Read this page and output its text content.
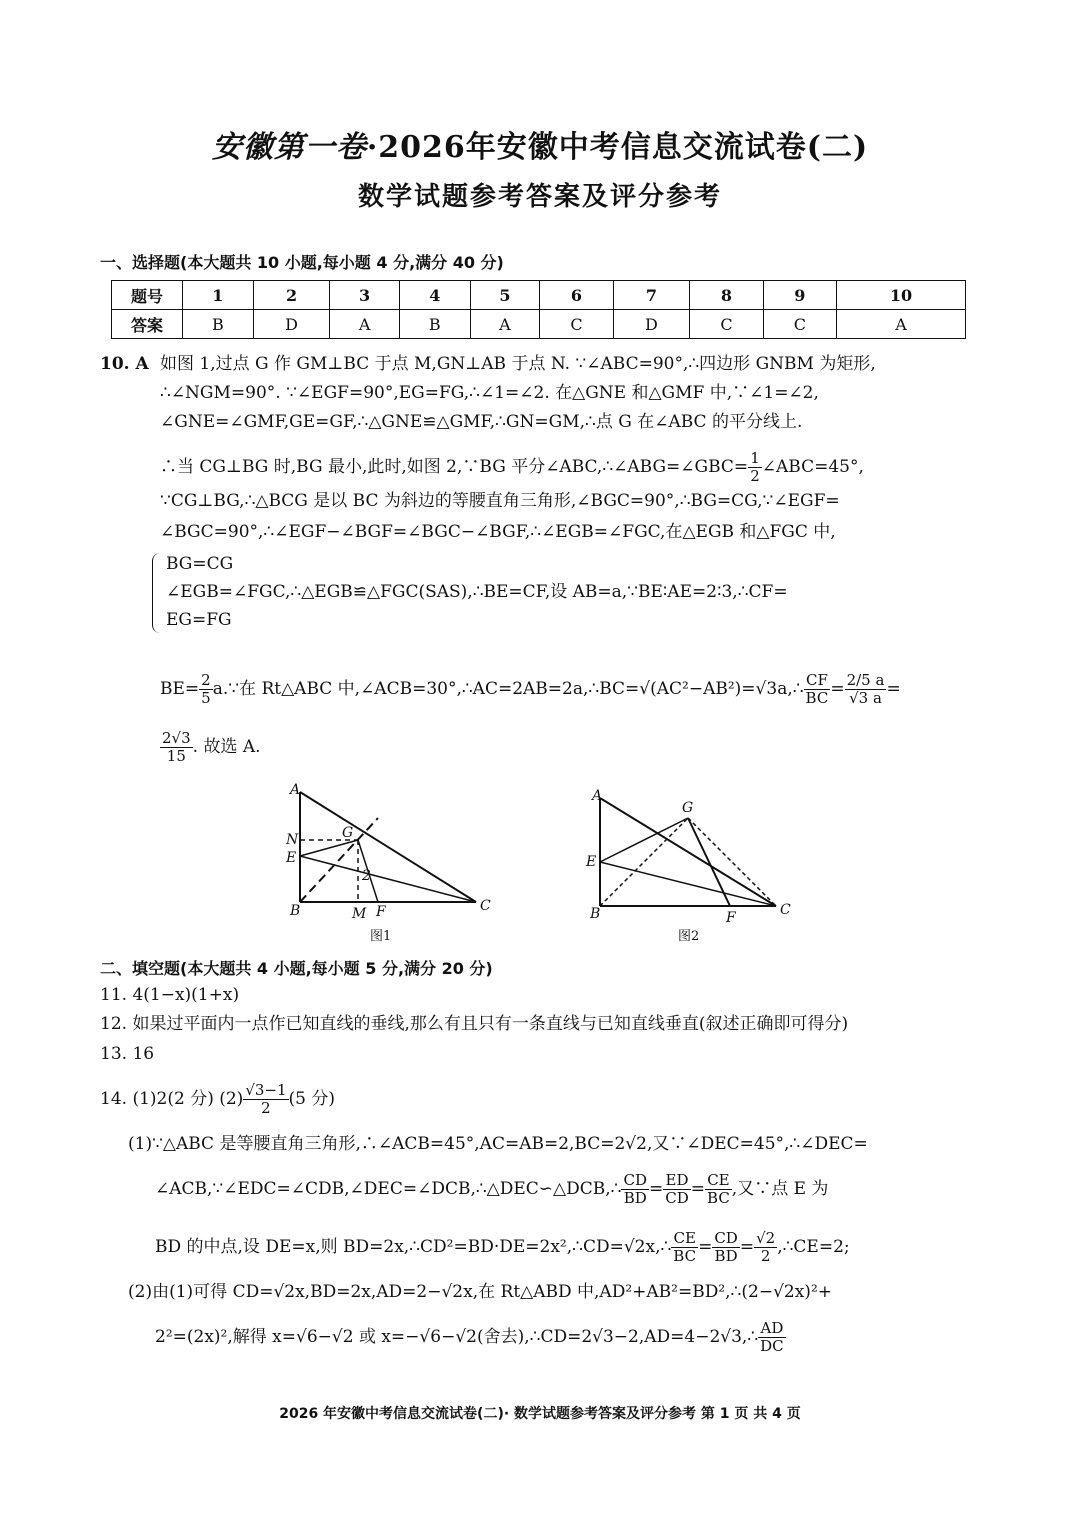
安徽第一卷·2026年安徽中考信息交流试卷(二)
数学试题参考答案及评分参考
一、选择题(本大题共 10 小题,每小题 4 分,满分 40 分)
题号	1	2	3	4	5	6	7	8	9	10
答案	B	D	A	B	A	C	D	C	C	A
10. A 如图 1,过点 G 作 GM⊥BC 于点 M,GN⊥AB 于点 N. ∵∠ABC=90°,∴四边形 GNBM 为矩形,
∴∠NGM=90°. ∵∠EGF=90°,EG=FG,∴∠1=∠2. 在△GNE 和△GMF 中,∵∠1=∠2,
∠GNE=∠GMF,GE=GF,∴△GNE≌△GMF,∴GN=GM,∴点 G 在∠ABC 的平分线上.
∴当 CG⊥BG 时,BG 最小,此时,如图 2,∵BG 平分∠ABC,∴∠ABG=∠GBC= $\frac{1}{2}$ ∠ABC=45°,
∵CG⊥BG,∴△BCG 是以 BC 为斜边的等腰直角三角形,∠BGC=90°,∴BG=CG,∵∠EGF=
∠BGC=90°,∴∠EGF−∠BGF=∠BGC−∠BGF,∴∠EGB=∠FGC,在△EGB 和△FGC 中,
BG=CG
∠EGB=∠FGC,∴△EGB≌△FGC(SAS),∴BE=CF,设 AB=a,∵BE∶AE=2∶3,∴CF=
EG=FG
$BE= \frac{2}{5}$ a.∵在 Rt△ABC 中,∠ACB=30°,∴AC=2AB=2a,∴BC=√(AC²−AB²)=√3a,∴ $\frac{CF}{BC} = \frac{2/5 a}{√3 a}$ =
$\frac{2√3}{15}$ . 故选 A.
A
N
E
G
B	M F	C
2
图1
A
E
G
B	F	C
图2
二、填空题(本大题共 4 小题,每小题 5 分,满分 20 分)
11. 4(1−x)(1+x)
12. 如果过平面内一点作已知直线的垂线,那么有且只有一条直线与已知直线垂直(叙述正确即可得分)
13. 16
14. (1)2(2 分) $(2) \frac{√3-1}{2} (5$ 分)
(1)∵△ABC 是等腰直角三角形,∴∠ACB=45°,AC=AB=2,BC=2√2,又∵∠DEC=45°,∴∠DEC=
∠ACB,∵∠EDC=∠CDB,∠DEC=∠DCB,∴△DEC∽△DCB,∴ $\frac{CD}{BD} = \frac{ED}{CD} = \frac{CE}{BC}$ ,又∵点 E 为
BD 的中点,设 DE=x,则 BD=2x,∴CD²=BD·DE=2x²,∴CD=√2x,∴ $\frac{CE}{BC} = \frac{CD}{BD} = \frac{√2}{2}$ ,∴CE=2;
(2)由(1)可得 CD=√2x,BD=2x,AD=2−√2x,在 Rt△ABD 中,AD²+AB²=BD²,∴(2−√2x)²+
2²=(2x)²,解得 x=√6−√2 或 x=−√6−√2(舍去),∴CD=2√3−2,AD=4−2√3,∴ $\frac{AD}{DC}$
2026 年安徽中考信息交流试卷(二)· 数学试题参考答案及评分参考 第 1 页 共 4 页
